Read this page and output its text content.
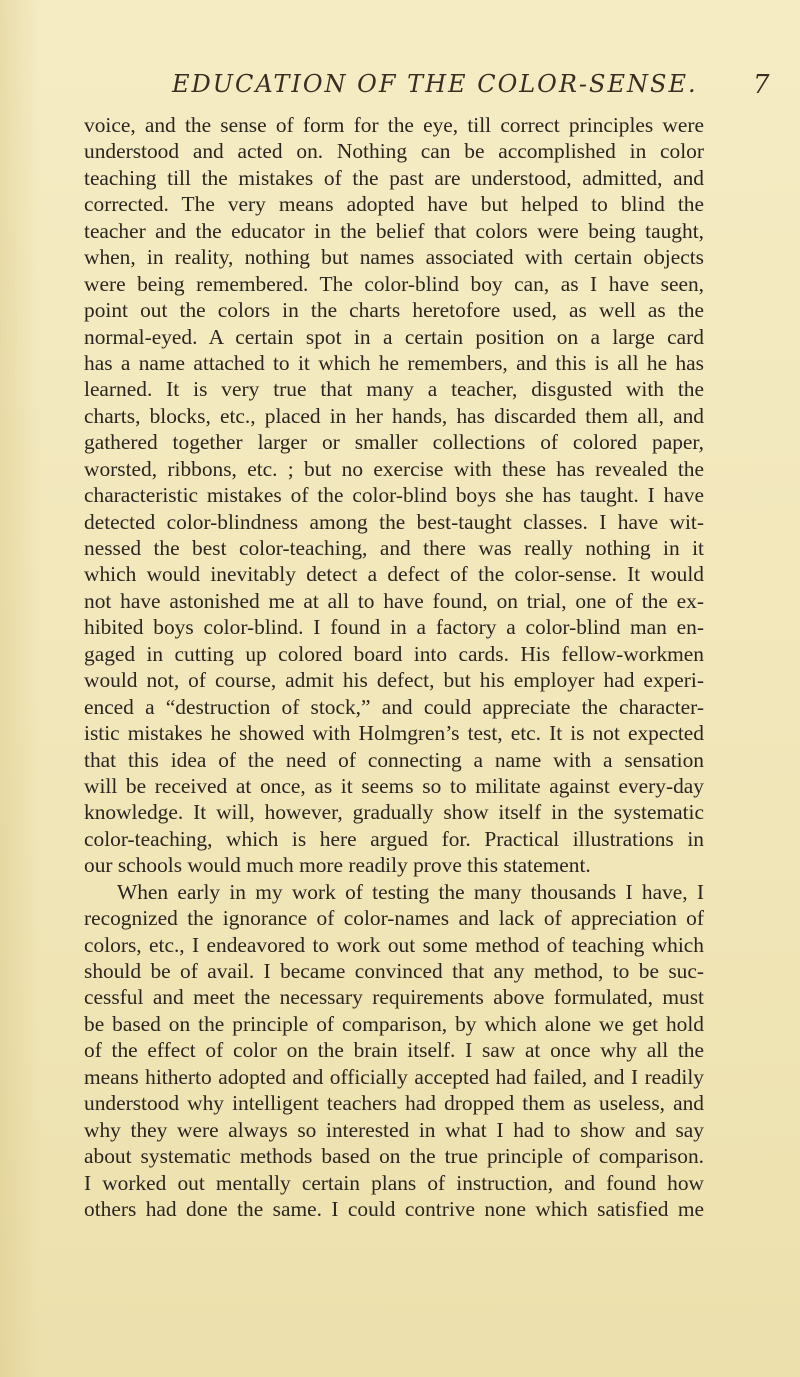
EDUCATION OF THE COLOR-SENSE. 7
voice, and the sense of form for the eye, till correct principles were
understood and acted on. Nothing can be accomplished in color
teaching till the mistakes of the past are understood, admitted, and
corrected. The very means adopted have but helped to blind the
teacher and the educator in the belief that colors were being taught,
when, in reality, nothing but names associated with certain objects
were being remembered. The color-blind boy can, as I have seen,
point out the colors in the charts heretofore used, as well as the
normal-eyed. A certain spot in a certain position on a large card
has a name attached to it which he remembers, and this is all he has
learned. It is very true that many a teacher, disgusted with the
charts, blocks, etc., placed in her hands, has discarded them all, and
gathered together larger or smaller collections of colored paper,
worsted, ribbons, etc. ; but no exercise with these has revealed the
characteristic mistakes of the color-blind boys she has taught. I have
detected color-blindness among the best-taught classes. I have wit-
nessed the best color-teaching, and there was really nothing in it
which would inevitably detect a defect of the color-sense. It would
not have astonished me at all to have found, on trial, one of the ex-
hibited boys color-blind. I found in a factory a color-blind man en-
gaged in cutting up colored board into cards. His fellow-workmen
would not, of course, admit his defect, but his employer had experi-
enced a “destruction of stock,” and could appreciate the character-
istic mistakes he showed with Holmgren’s test, etc. It is not expected
that this idea of the need of connecting a name with a sensation
will be received at once, as it seems so to militate against every-day
knowledge. It will, however, gradually show itself in the systematic
color-teaching, which is here argued for. Practical illustrations in
our schools would much more readily prove this statement.
When early in my work of testing the many thousands I have, I
recognized the ignorance of color-names and lack of appreciation of
colors, etc., I endeavored to work out some method of teaching which
should be of avail. I became convinced that any method, to be suc-
cessful and meet the necessary requirements above formulated, must
be based on the principle of comparison, by which alone we get hold
of the effect of color on the brain itself. I saw at once why all the
means hitherto adopted and officially accepted had failed, and I readily
understood why intelligent teachers had dropped them as useless, and
why they were always so interested in what I had to show and say
about systematic methods based on the true principle of comparison.
I worked out mentally certain plans of instruction, and found how
others had done the same. I could contrive none which satisfied me
